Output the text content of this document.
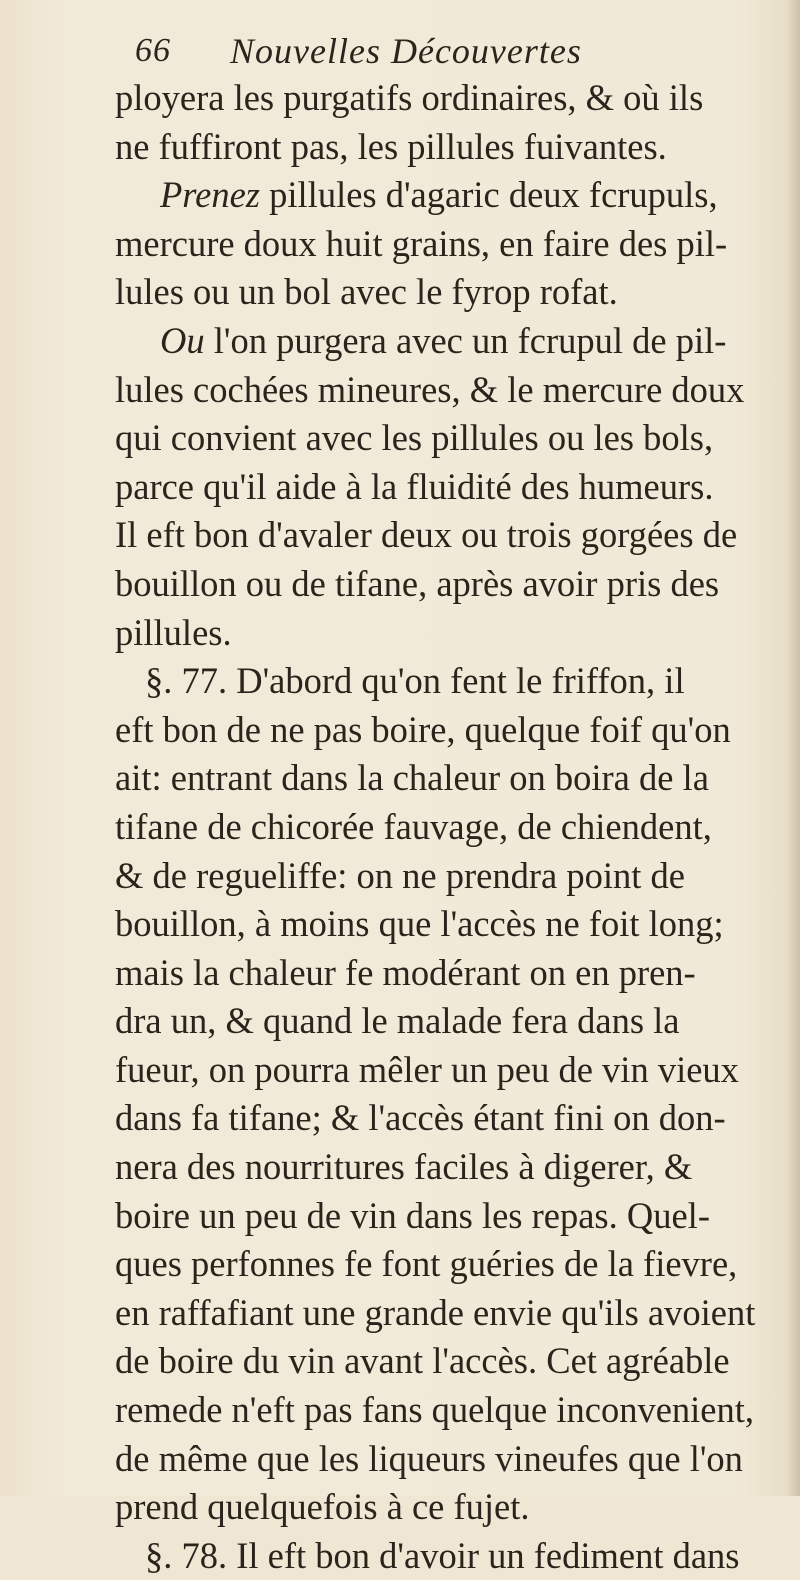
66 Nouvelles Découvertes
ployera les purgatifs ordinaires, & où ils
ne fuffiront pas, les pillules fuivantes.
Prenez pillules d'agaric deux fcrupuls,
mercure doux huit grains, en faire des pil-
lules ou un bol avec le fyrop rofat.
Ou l'on purgera avec un fcrupul de pil-
lules cochées mineures, & le mercure doux
qui convient avec les pillules ou les bols,
parce qu'il aide à la fluidité des humeurs.
Il eft bon d'avaler deux ou trois gorgées de
bouillon ou de tifane, après avoir pris des
pillules.
§. 77. D'abord qu'on fent le friffon, il
eft bon de ne pas boire, quelque foif qu'on
ait: entrant dans la chaleur on boira de la
tifane de chicorée fauvage, de chiendent,
& de regueliffe: on ne prendra point de
bouillon, à moins que l'accès ne foit long;
mais la chaleur fe modérant on en pren-
dra un, & quand le malade fera dans la
fueur, on pourra mêler un peu de vin vieux
dans fa tifane; & l'accès étant fini on don-
nera des nourritures faciles à digerer, &
boire un peu de vin dans les repas. Quel-
ques perfonnes fe font guéries de la fievre,
en raffafiant une grande envie qu'ils avoient
de boire du vin avant l'accès. Cet agréable
remede n'eft pas fans quelque inconvenient,
de même que les liqueurs vineufes que l'on
prend quelquefois à ce fujet.
§. 78. Il eft bon d'avoir un fediment dans
